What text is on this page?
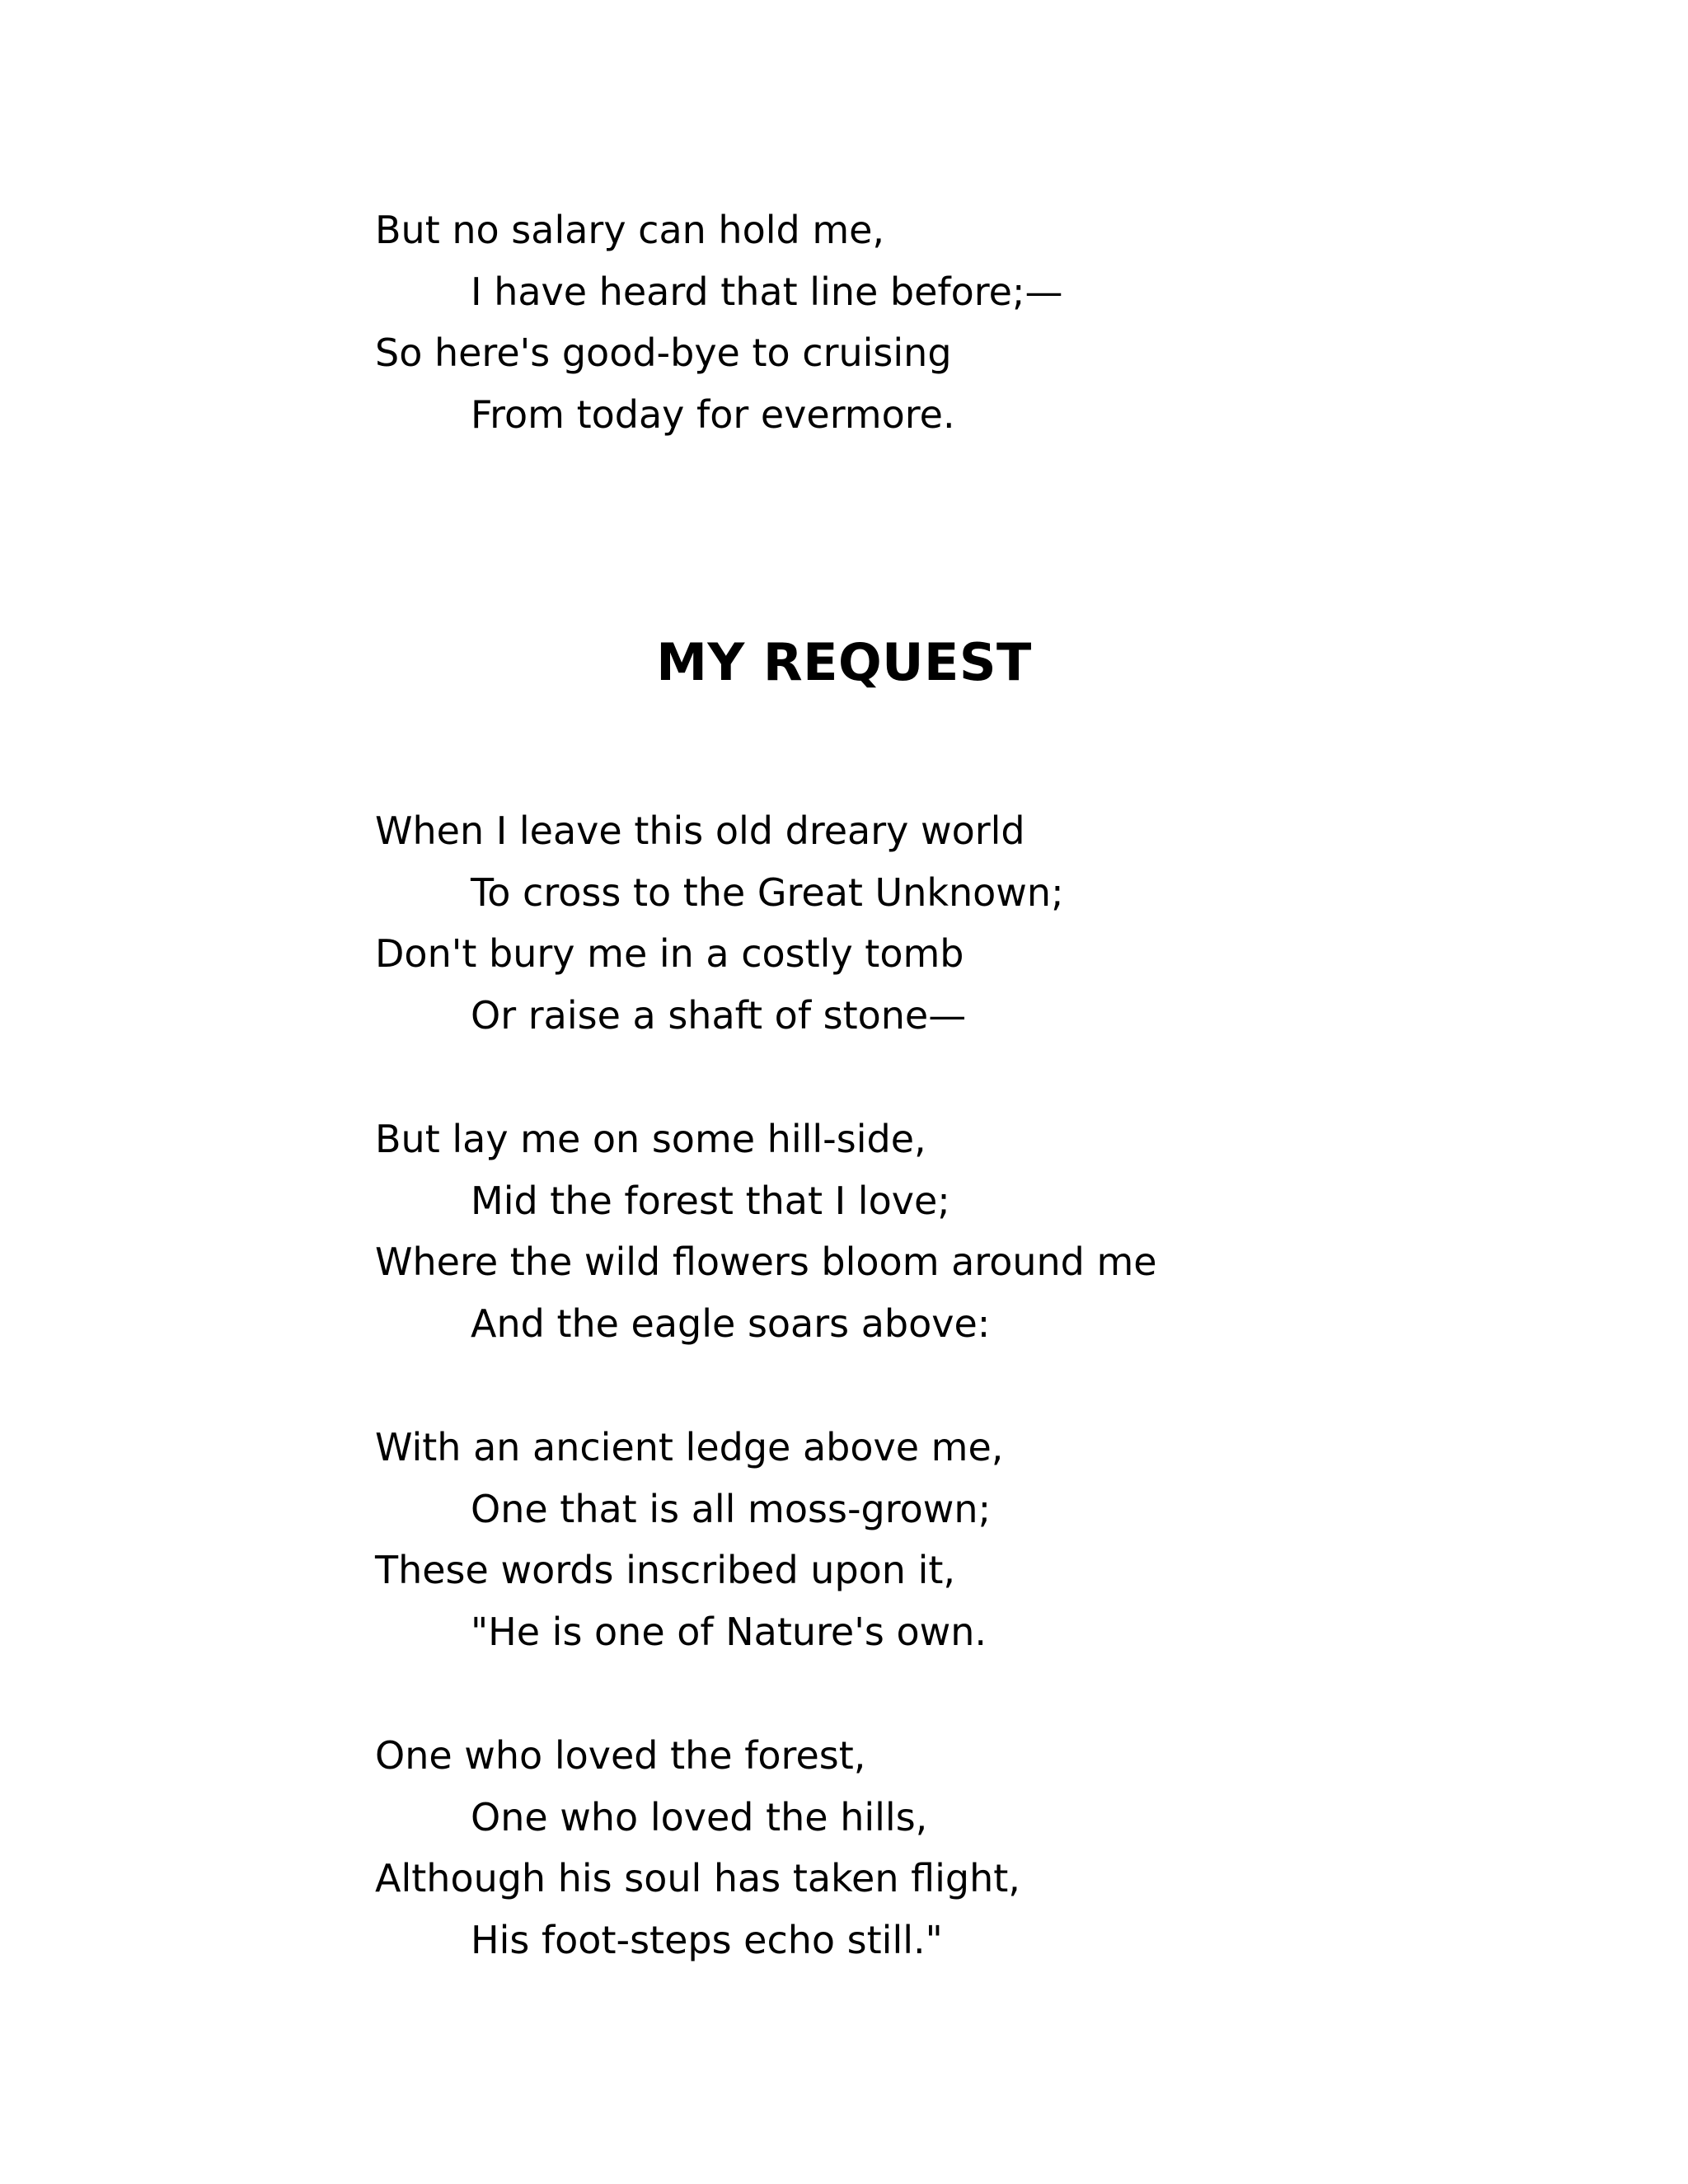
But no salary can hold me,
I have heard that line before;—
So here's good-bye to cruising
From today for evermore.
MY REQUEST
When I leave this old dreary world
To cross to the Great Unknown;
Don't bury me in a costly tomb
Or raise a shaft of stone—
But lay me on some hill-side,
Mid the forest that I love;
Where the wild flowers bloom around me
And the eagle soars above:
With an ancient ledge above me,
One that is all moss-grown;
These words inscribed upon it,
"He is one of Nature's own.
One who loved the forest,
One who loved the hills,
Although his soul has taken flight,
His foot-steps echo still."
